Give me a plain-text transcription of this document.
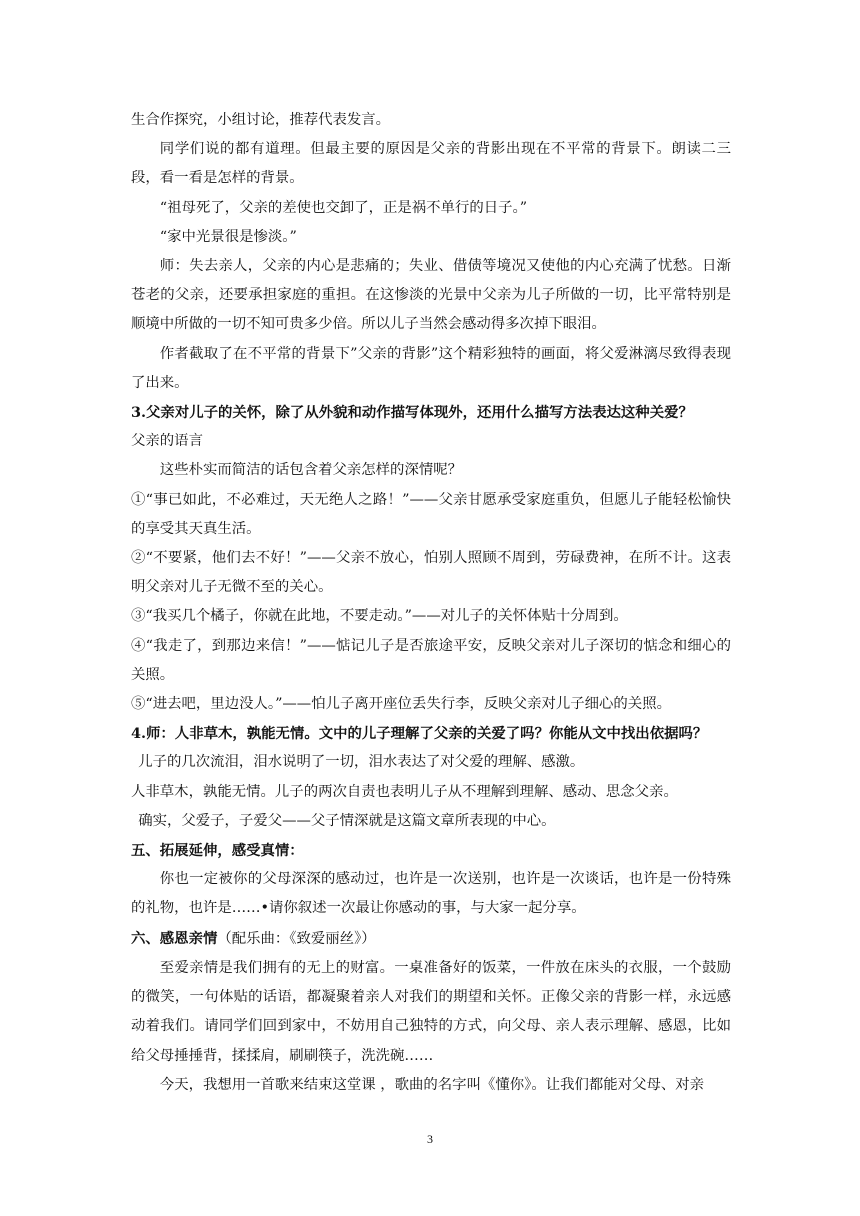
生合作探究，小组讨论，推荐代表发言。

同学们说的都有道理。但最主要的原因是父亲的背影出现在不平常的背景下。朗读二三段，看一看是怎样的背景。

“祖母死了，父亲的差使也交卸了，正是祸不单行的日子。”

“家中光景很是惨淡。”

师：失去亲人，父亲的内心是悲痛的；失业、借债等境况又使他的内心充满了忧愁。日渐苍老的父亲，还要承担家庭的重担。在这惨淡的光景中父亲为儿子所做的一切，比平常特别是顺境中所做的一切不知可贵多少倍。所以儿子当然会感动得多次掉下眼泪。

作者截取了在不平常的背景下”父亲的背影”这个精彩独特的画面，将父爱淋漓尽致得表现了出来。

3.父亲对儿子的关怀，除了从外貌和动作描写体现外，还用什么描写方法表达这种关爱？

父亲的语言

这些朴实而简洁的话包含着父亲怎样的深情呢？

①“事已如此，不必难过，天无绝人之路！”——父亲甘愿承受家庭重负，但愿儿子能轻松愉快的享受其天真生活。

②“不要紧，他们去不好！”——父亲不放心，怕别人照顾不周到，劳碌费神，在所不计。这表明父亲对儿子无微不至的关心。

③“我买几个橘子，你就在此地，不要走动。”——对儿子的关怀体贴十分周到。

④“我走了，到那边来信！”——惦记儿子是否旅途平安，反映父亲对儿子深切的惦念和细心的关照。

⑤“进去吧，里边没人。”——怕儿子离开座位丢失行李，反映父亲对儿子细心的关照。

4.师：人非草木，孰能无情。文中的儿子理解了父亲的关爱了吗？你能从文中找出依据吗？

儿子的几次流泪，泪水说明了一切，泪水表达了对父爱的理解、感激。

人非草木，孰能无情。儿子的两次自责也表明儿子从不理解到理解、感动、思念父亲。

确实，父爱子，子爱父——父子情深就是这篇文章所表现的中心。

五、拓展延伸，感受真情：

你也一定被你的父母深深的感动过，也许是一次送别，也许是一次谈话，也许是一份特殊的礼物，也许是……•请你叙述一次最让你感动的事，与大家一起分享。

六、感恩亲情（配乐曲：《致爱丽丝》）

至爱亲情是我们拥有的无上的财富。一桌准备好的饭菜，一件放在床头的衣服，一个鼓励的微笑，一句体贴的话语，都凝聚着亲人对我们的期望和关怀。正像父亲的背影一样，永远感动着我们。请同学们回到家中，不妨用自己独特的方式，向父母、亲人表示理解、感恩，比如给父母捶捶背，揉揉肩，刷刷筷子，洗洗碗……

今天，我想用一首歌来结束这堂课 ，歌曲的名字叫《懂你》。让我们都能对父母、对亲

3
